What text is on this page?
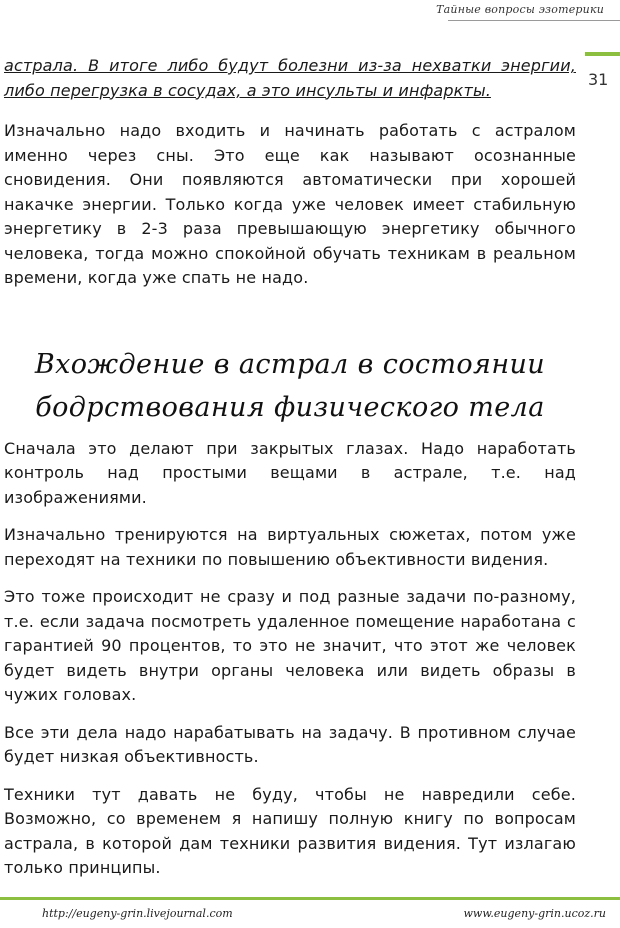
Тайные вопросы эзотерики
31

астрала. В итоге либо будут болезни из-за нехватки энергии, либо перегрузка в сосудах, а это инсульты и инфаркты.

Изначально надо входить и начинать работать с астралом именно через сны. Это еще как называют осознанные сновидения. Они появляются автоматически при хорошей накачке энергии. Только когда уже человек имеет стабильную энергетику в 2-3 раза превышающую энергетику обычного человека, тогда можно спокойной обучать техникам в реальном времени, когда уже спать не надо.

Вхождение в астрал в состоянии
бодрствования физического тела

Сначала это делают при закрытых глазах. Надо наработать контроль над простыми вещами в астрале, т.е. над изображениями.

Изначально тренируются на виртуальных сюжетах, потом уже переходят на техники по повышению объективности видения.

Это тоже происходит не сразу и под разные задачи по-разному, т.е. если задача посмотреть удаленное помещение наработана с гарантией 90 процентов, то это не значит, что этот же человек будет видеть внутри органы человека или видеть образы в чужих головах.

Все эти дела надо нарабатывать на задачу. В противном случае будет низкая объективность.

Техники тут давать не буду, чтобы не навредили себе. Возможно, со временем я напишу полную книгу по вопросам астрала, в которой дам техники развития видения. Тут излагаю только принципы.

http://eugeny-grin.livejournal.com	www.eugeny-grin.ucoz.ru
